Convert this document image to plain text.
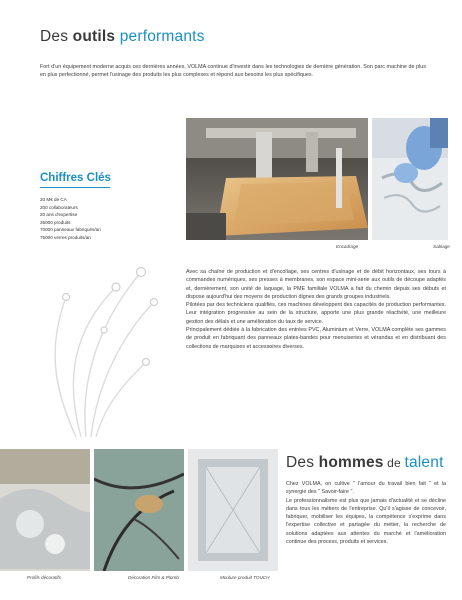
Des outils performants
Fort d'un équipement moderne acquis ces dernières années, VOLMA continue d'investir dans les technologies de dernière génération. Son parc machine de plus en plus perfectionné, permet l'usinage des produits les plus complexes et répond aux besoins les plus spécifiques.
Encadrage	Sablage
Chiffres Clés
20 M€ de CA
200 collaborateurs
20 ans d'expertise
35000 produits
70000 panneaux fabriqués/an
75000 verres produits/an
Avec sa chaîne de production et d'encollage, ses centres d'usinage et de débit horizontaux, ses tours à commandes numériques, ses presses à membranes, son espace mini-serie aux outils de découpe adaptés et, dernièrement, son unité de laquage, la PME familiale VOLMA a fait du chemin depuis ses débuts et dispose aujourd'hui des moyens de production dignes des grands groupes industriels.
Pilotées par des techniciens qualifiés, ces machines développent des capacités de production performantes. Leur intégration progressive au sein de la structure, apporte une plus grande réactivité, une meilleure gestion des délais et une amélioration du taux de service.
Principalement dédiée à la fabrication des entrées PVC, Aluminium et Verre, VOLMA complète ses gammes de produit en fabriquant des panneaux plates-bandes pour menuiseries et vérandas et en distribuant des collections de marquises et accessoires diverses.
Profils décoratifs	Décoration Film & Plomb	Moulure produit TOUCH
Des hommes de talent
Chez VOLMA, on cultive " l'amour du travail bien fait " et la synergie des " Savoir-faire ".
Le professionnalisme est plus que jamais d'actualité et se décline dans tous les métiers de l'entreprise. Qu'il s'agisse de concevoir, fabriquer, mobiliser les équipes, la compétence s'exprime dans l'expertise collective et partagée du métier, la recherche de solutions adaptées aux attentes du marché et l'amélioration continue des process, produits et services.
